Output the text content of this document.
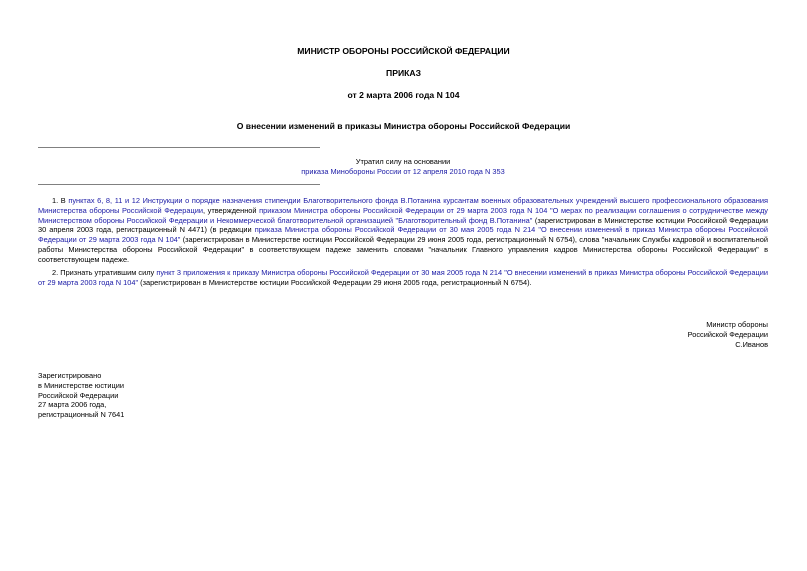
МИНИСТР ОБОРОНЫ РОССИЙСКОЙ ФЕДЕРАЦИИ
ПРИКАЗ
от 2 марта 2006 года N 104
О внесении изменений в приказы Министра обороны Российской Федерации
Утратил силу на основании
приказа Минобороны России от 12 апреля 2010 года N 353
1. В пунктах 6, 8, 11 и 12 Инструкции о порядке назначения стипендии Благотворительного фонда В.Потанина курсантам военных образовательных учреждений высшего профессионального образования Министерства обороны Российской Федерации, утвержденной приказом Министра обороны Российской Федерации от 29 марта 2003 года N 104 "О мерах по реализации соглашения о сотрудничестве между Министерством обороны Российской Федерации и Некоммерческой благотворительной организацией "Благотворительный фонд В.Потанина" (зарегистрирован в Министерстве юстиции Российской Федерации 30 апреля 2003 года, регистрационный N 4471) (в редакции приказа Министра обороны Российской Федерации от 30 мая 2005 года N 214 "О внесении изменений в приказ Министра обороны Российской Федерации от 29 марта 2003 года N 104" (зарегистрирован в Министерстве юстиции Российской Федерации 29 июня 2005 года, регистрационный N 6754), слова "начальник Службы кадровой и воспитательной работы Министерства обороны Российской Федерации" в соответствующем падеже заменить словами "начальник Главного управления кадров Министерства обороны Российской Федерации" в соответствующем падеже.
2. Признать утратившим силу пункт 3 приложения к приказу Министра обороны Российской Федерации от 30 мая 2005 года N 214 "О внесении изменений в приказ Министра обороны Российской Федерации от 29 марта 2003 года N 104" (зарегистрирован в Министерстве юстиции Российской Федерации 29 июня 2005 года, регистрационный N 6754).
Министр обороны
Российской Федерации
С.Иванов
Зарегистрировано
в Министерстве юстиции
Российской Федерации
27 марта 2006 года,
регистрационный N 7641
